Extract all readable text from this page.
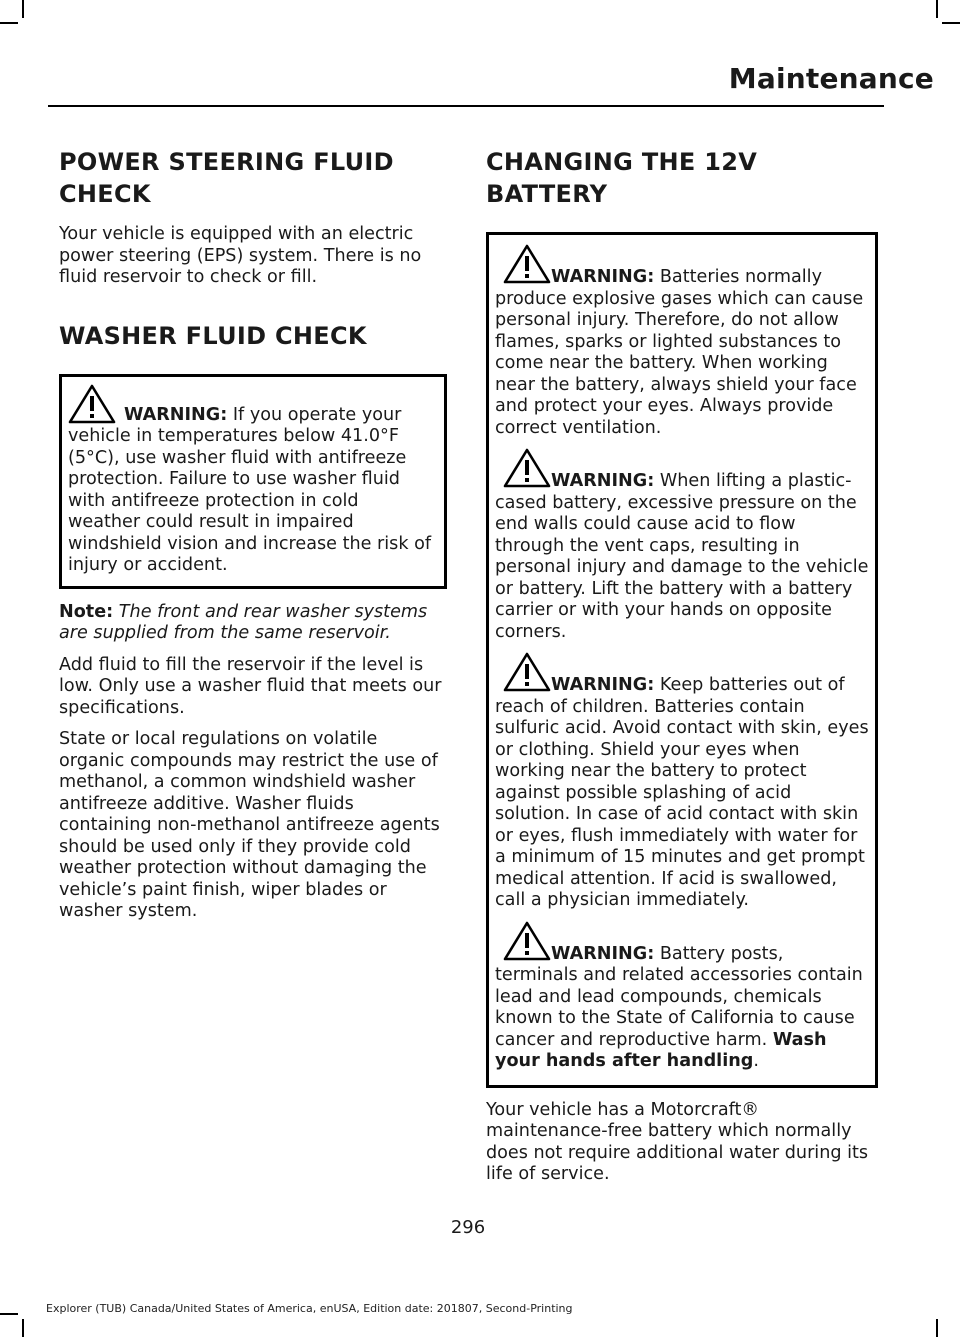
Maintenance
POWER STEERING FLUID
CHECK

Your vehicle is equipped with an electric power steering (EPS) system. There is no fluid reservoir to check or fill.

WASHER FLUID CHECK

WARNING: If you operate your vehicle in temperatures below 41.0°F (5°C), use washer fluid with antifreeze protection. Failure to use washer fluid with antifreeze protection in cold weather could result in impaired windshield vision and increase the risk of injury or accident.

Note: The front and rear washer systems are supplied from the same reservoir.

Add fluid to fill the reservoir if the level is low. Only use a washer fluid that meets our specifications.

State or local regulations on volatile organic compounds may restrict the use of methanol, a common windshield washer antifreeze additive. Washer fluids containing non-methanol antifreeze agents should be used only if they provide cold weather protection without damaging the vehicle’s paint finish, wiper blades or washer system.

CHANGING THE 12V BATTERY

WARNING: Batteries normally produce explosive gases which can cause personal injury. Therefore, do not allow flames, sparks or lighted substances to come near the battery. When working near the battery, always shield your face and protect your eyes. Always provide correct ventilation.

WARNING: When lifting a plastic-cased battery, excessive pressure on the end walls could cause acid to flow through the vent caps, resulting in personal injury and damage to the vehicle or battery. Lift the battery with a battery carrier or with your hands on opposite corners.

WARNING: Keep batteries out of reach of children. Batteries contain sulfuric acid. Avoid contact with skin, eyes or clothing. Shield your eyes when working near the battery to protect against possible splashing of acid solution. In case of acid contact with skin or eyes, flush immediately with water for a minimum of 15 minutes and get prompt medical attention. If acid is swallowed, call a physician immediately.

WARNING: Battery posts, terminals and related accessories contain lead and lead compounds, chemicals known to the State of California to cause cancer and reproductive harm. Wash your hands after handling.

Your vehicle has a Motorcraft® maintenance-free battery which normally does not require additional water during its life of service.

296
Explorer (TUB) Canada/United States of America, enUSA, Edition date: 201807, Second-Printing
